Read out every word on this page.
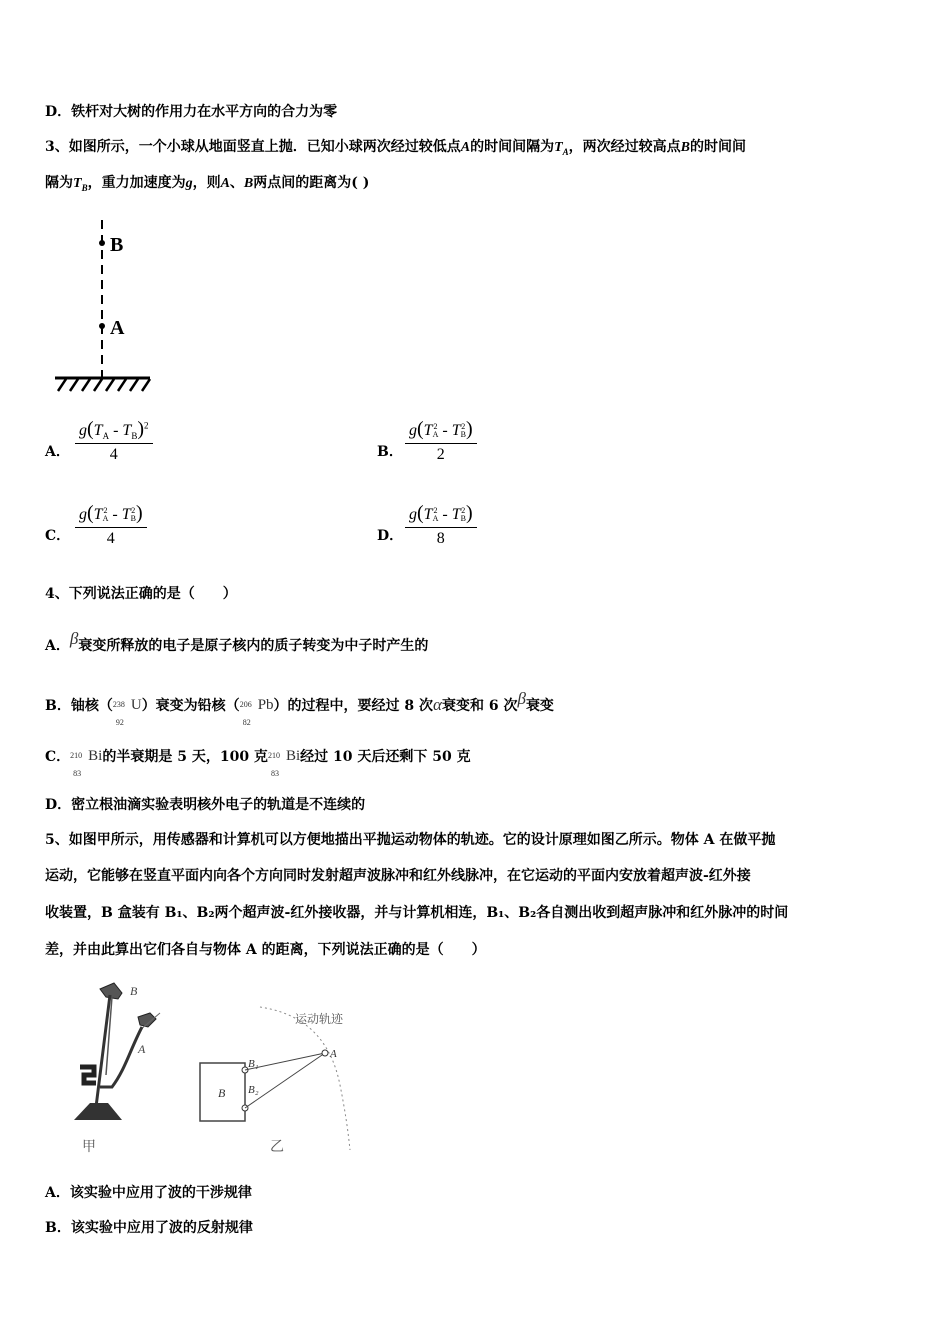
D．铁杆对大树的作用力在水平方向的合力为零
3、如图所示，一个小球从地面竖直上抛．已知小球两次经过较低点A的时间间隔为$T_A$，两次经过较高点B的时间间
隔为$T_B$，重力加速度为g，则A、B两点间的距离为( )
B
A
A． $\frac{g(T_A - T_B)^2}{4}$	B． g(T 2
A - T 2
B )
2
C． g(T 2
A - T 2
B )
4	D． g(T 2
A - T 2
B )
8
4、下列说法正确的是（　　）
A．β衰变所释放的电子是原子核内的质子转变为中子时产生的
B．铀核（ 238
92
U）衰变为铅核（ 206
82
Pb）的过程中，要经过 8 次α衰变和 6 次β衰变
C． 210
83
Bi的半衰期是 5 天，100 克 210
83
Bi经过 10 天后还剩下 50 克
D．密立根油滴实验表明核外电子的轨道是不连续的
5、如图甲所示，用传感器和计算机可以方便地描出平抛运动物体的轨迹。它的设计原理如图乙所示。物体 A 在做平抛
运动，它能够在竖直平面内向各个方向同时发射超声波脉冲和红外线脉冲，在它运动的平面内安放着超声波-红外接
收装置，B 盒装有 B₁、B₂两个超声波-红外接收器，并与计算机相连，B₁、B₂各自测出收到超声脉冲和红外脉冲的时间
差，并由此算出它们各自与物体 A 的距离，下列说法正确的是（　　）
B
A
甲
运动轨迹
B
B₁
B₂
A
乙
A．该实验中应用了波的干涉规律
B．该实验中应用了波的反射规律
